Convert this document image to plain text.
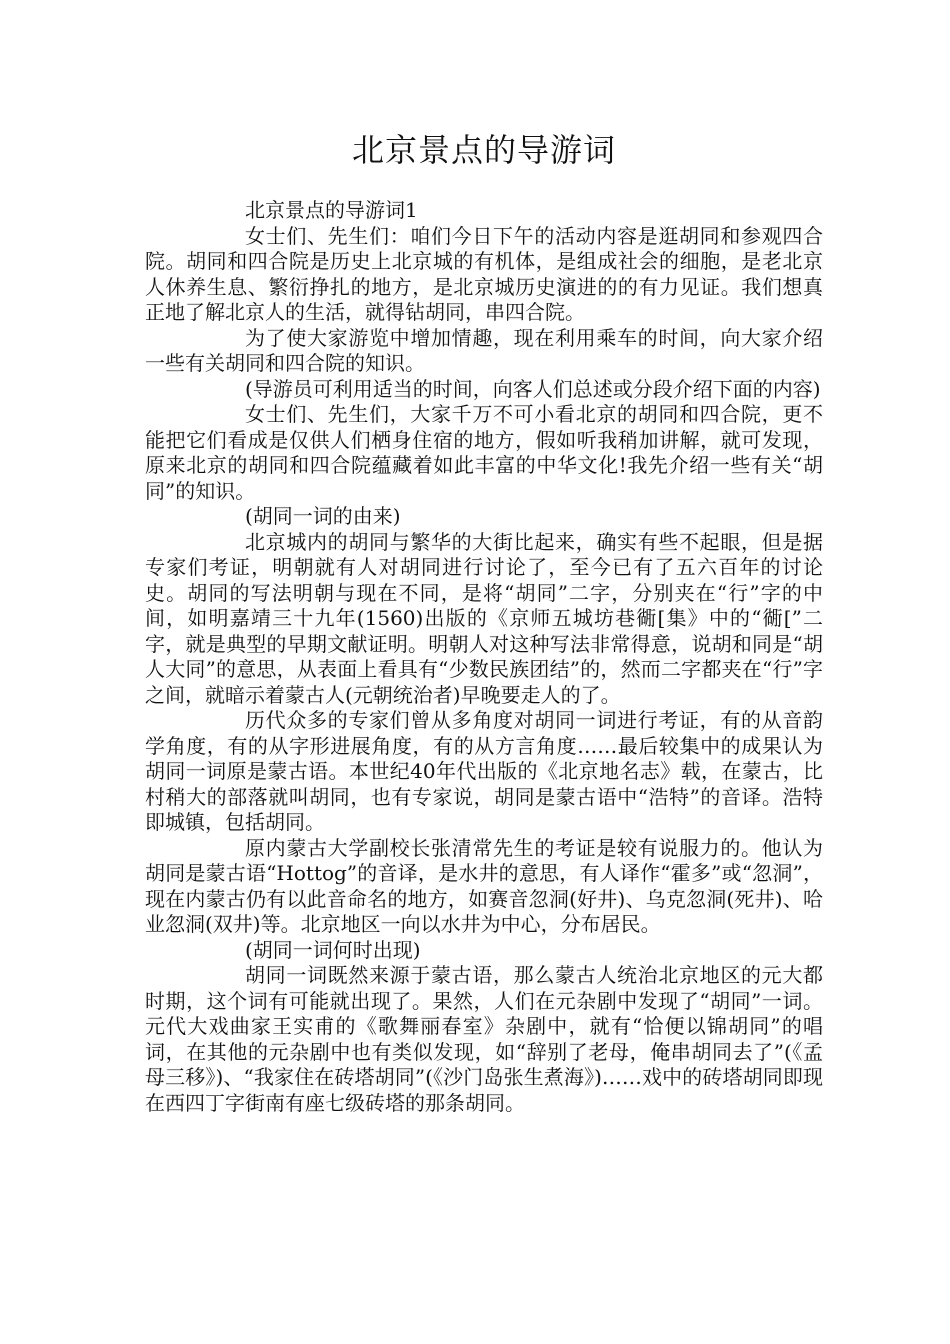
北京景点的导游词

北京景点的导游词1

女士们、先生们：咱们今日下午的活动内容是逛胡同和参观四合院。胡同和四合院是历史上北京城的有机体，是组成社会的细胞，是老北京人休养生息、繁衍挣扎的地方，是北京城历史演进的的有力见证。我们想真正地了解北京人的生活，就得钻胡同，串四合院。

为了使大家游览中增加情趣，现在利用乘车的时间，向大家介绍一些有关胡同和四合院的知识。

(导游员可利用适当的时间，向客人们总述或分段介绍下面的内容)

女士们、先生们，大家千万不可小看北京的胡同和四合院，更不能把它们看成是仅供人们栖身住宿的地方，假如听我稍加讲解，就可发现，原来北京的胡同和四合院蕴藏着如此丰富的中华文化!我先介绍一些有关“胡同”的知识。

(胡同一词的由来)

北京城内的胡同与繁华的大街比起来，确实有些不起眼，但是据专家们考证，明朝就有人对胡同进行讨论了，至今已有了五六百年的讨论史。胡同的写法明朝与现在不同，是将“胡同”二字，分别夹在“行”字的中间，如明嘉靖三十九年(1560)出版的《京师五城坊巷衚[集》中的“衚[”二字，就是典型的早期文献证明。明朝人对这种写法非常得意，说胡和同是“胡人大同”的意思，从表面上看具有“少数民族团结”的，然而二字都夹在“行”字之间，就暗示着蒙古人(元朝统治者)早晚要走人的了。

历代众多的专家们曾从多角度对胡同一词进行考证，有的从音韵学角度，有的从字形进展角度，有的从方言角度……最后较集中的成果认为胡同一词原是蒙古语。本世纪40年代出版的《北京地名志》载，在蒙古，比村稍大的部落就叫胡同，也有专家说，胡同是蒙古语中“浩特”的音译。浩特即城镇，包括胡同。

原内蒙古大学副校长张清常先生的考证是较有说服力的。他认为胡同是蒙古语“Hottog”的音译，是水井的意思，有人译作“霍多”或“忽洞”，现在内蒙古仍有以此音命名的地方，如赛音忽洞(好井)、乌克忽洞(死井)、哈业忽洞(双井)等。北京地区一向以水井为中心，分布居民。

(胡同一词何时出现)

胡同一词既然来源于蒙古语，那么蒙古人统治北京地区的元大都时期，这个词有可能就出现了。果然，人们在元杂剧中发现了“胡同”一词。元代大戏曲家王实甫的《歌舞丽春室》杂剧中，就有“恰便以锦胡同”的唱词，在其他的元杂剧中也有类似发现，如“辞别了老母，俺串胡同去了”(《孟母三移》)、“我家住在砖塔胡同”(《沙门岛张生煮海》)……戏中的砖塔胡同即现在西四丁字街南有座七级砖塔的那条胡同。
